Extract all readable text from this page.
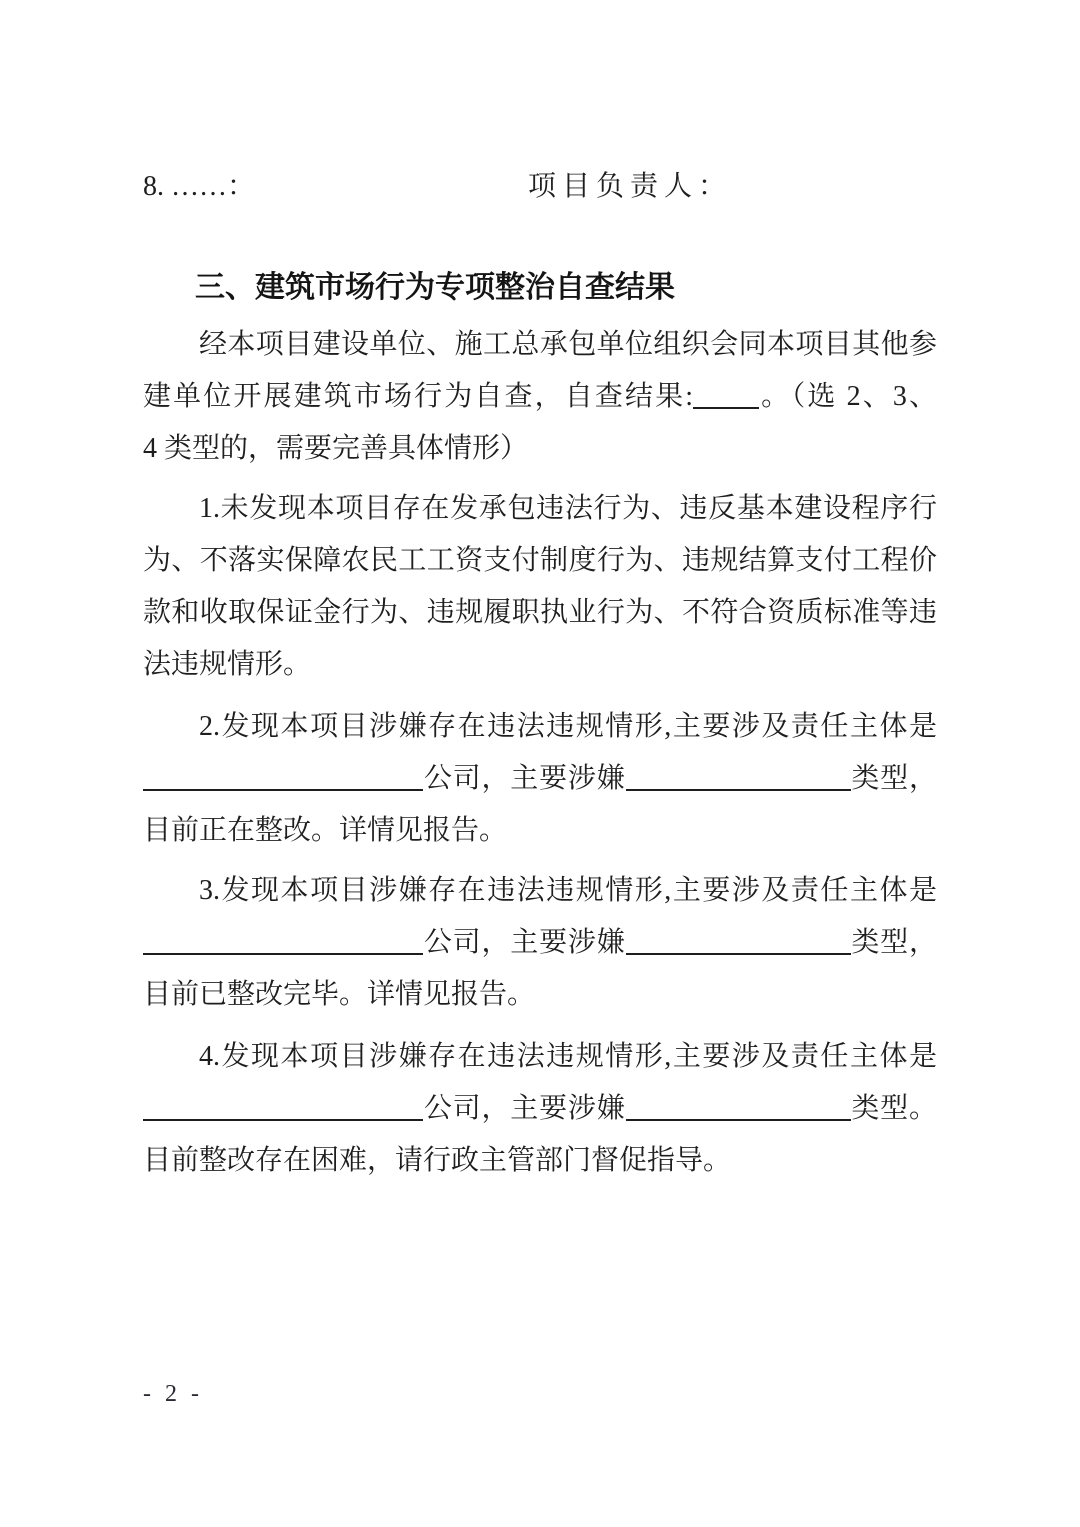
8. ……：	项目负责人：
三、建筑市场行为专项整治自查结果
经本项目建设单位、施工总承包单位组织会同本项目其他参
建单位开展建筑市场行为自查，自查结果: 。（选 2、3、
4 类型的，需要完善具体情形）
1.未发现本项目存在发承包违法行为、违反基本建设程序行
为、不落实保障农民工工资支付制度行为、违规结算支付工程价
款和收取保证金行为、违规履职执业行为、不符合资质标准等违
法违规情形。
2.发现本项目涉嫌存在违法违规情形,主要涉及责任主体是
公司，主要涉嫌	类型，
目前正在整改。详情见报告。
3.发现本项目涉嫌存在违法违规情形,主要涉及责任主体是
公司，主要涉嫌	类型，
目前已整改完毕。详情见报告。
4.发现本项目涉嫌存在违法违规情形,主要涉及责任主体是
公司，主要涉嫌	类型。
目前整改存在困难，请行政主管部门督促指导。
- 2 -
